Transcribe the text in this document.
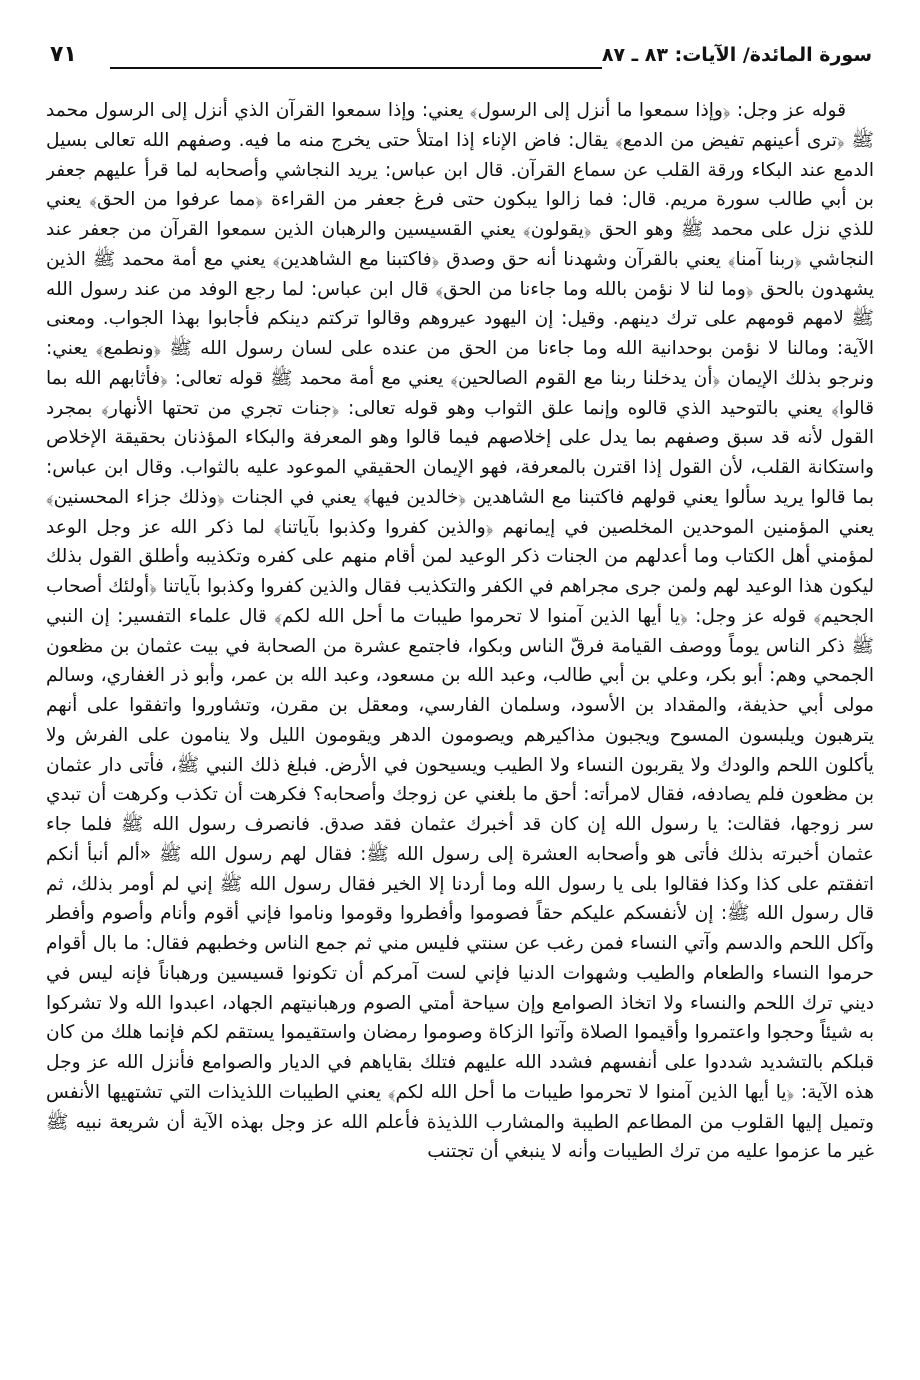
سورة المائدة/ الآيات: ٨٣ ـ ٨٧
٧١

قوله عز وجل: ﴿وإذا سمعوا ما أنزل إلى الرسول﴾ يعني: وإذا سمعوا القرآن الذي أنزل إلى الرسول محمد ﷺ ﴿ترى أعينهم تفيض من الدمع﴾ يقال: فاض الإناء إذا امتلأ حتى يخرج منه ما فيه. وصفهم الله تعالى بسيل الدمع عند البكاء ورقة القلب عن سماع القرآن. قال ابن عباس: يريد النجاشي وأصحابه لما قرأ عليهم جعفر بن أبي طالب سورة مريم. قال: فما زالوا يبكون حتى فرغ جعفر من القراءة ﴿مما عرفوا من الحق﴾ يعني للذي نزل على محمد ﷺ وهو الحق ﴿يقولون﴾ يعني القسيسين والرهبان الذين سمعوا القرآن من جعفر عند النجاشي ﴿ربنا آمنا﴾ يعني بالقرآن وشهدنا أنه حق وصدق ﴿فاكتبنا مع الشاهدين﴾ يعني مع أمة محمد ﷺ الذين يشهدون بالحق ﴿وما لنا لا نؤمن بالله وما جاءنا من الحق﴾ قال ابن عباس: لما رجع الوفد من عند رسول الله ﷺ لامهم قومهم على ترك دينهم. وقيل: إن اليهود عيروهم وقالوا تركتم دينكم فأجابوا بهذا الجواب. ومعنى الآية: ومالنا لا نؤمن بوحدانية الله وما جاءنا من الحق من عنده على لسان رسول الله ﷺ ﴿ونطمع﴾ يعني: ونرجو بذلك الإيمان ﴿أن يدخلنا ربنا مع القوم الصالحين﴾ يعني مع أمة محمد ﷺ قوله تعالى: ﴿فأثابهم الله بما قالوا﴾ يعني بالتوحيد الذي قالوه وإنما علق الثواب وهو قوله تعالى: ﴿جنات تجري من تحتها الأنهار﴾ بمجرد القول لأنه قد سبق وصفهم بما يدل على إخلاصهم فيما قالوا وهو المعرفة والبكاء المؤذنان بحقيقة الإخلاص واستكانة القلب، لأن القول إذا اقترن بالمعرفة، فهو الإيمان الحقيقي الموعود عليه بالثواب. وقال ابن عباس: بما قالوا يريد سألوا يعني قولهم فاكتبنا مع الشاهدين ﴿خالدين فيها﴾ يعني في الجنات ﴿وذلك جزاء المحسنين﴾ يعني المؤمنين الموحدين المخلصين في إيمانهم ﴿والذين كفروا وكذبوا بآياتنا﴾ لما ذكر الله عز وجل الوعد لمؤمني أهل الكتاب وما أعدلهم من الجنات ذكر الوعيد لمن أقام منهم على كفره وتكذيبه وأطلق القول بذلك ليكون هذا الوعيد لهم ولمن جرى مجراهم في الكفر والتكذيب فقال والذين كفروا وكذبوا بآياتنا ﴿أولئك أصحاب الجحيم﴾ قوله عز وجل: ﴿يا أيها الذين آمنوا لا تحرموا طيبات ما أحل الله لكم﴾ قال علماء التفسير: إن النبي ﷺ ذكر الناس يوماً ووصف القيامة فرقّ الناس وبكوا، فاجتمع عشرة من الصحابة في بيت عثمان بن مظعون الجمحي وهم: أبو بكر، وعلي بن أبي طالب، وعبد الله بن مسعود، وعبد الله بن عمر، وأبو ذر الغفاري، وسالم مولى أبي حذيفة، والمقداد بن الأسود، وسلمان الفارسي، ومعقل بن مقرن، وتشاوروا واتفقوا على أنهم يترهبون ويلبسون المسوح ويجبون مذاكيرهم ويصومون الدهر ويقومون الليل ولا ينامون على الفرش ولا يأكلون اللحم والودك ولا يقربون النساء ولا الطيب ويسيحون في الأرض. فبلغ ذلك النبي ﷺ، فأتى دار عثمان بن مظعون فلم يصادفه، فقال لامرأته: أحق ما بلغني عن زوجك وأصحابه؟ فكرهت أن تكذب وكرهت أن تبدي سر زوجها، فقالت: يا رسول الله إن كان قد أخبرك عثمان فقد صدق. فانصرف رسول الله ﷺ فلما جاء عثمان أخبرته بذلك فأتى هو وأصحابه العشرة إلى رسول الله ﷺ: فقال لهم رسول الله ﷺ «ألم أنبأ أنكم اتفقتم على كذا وكذا فقالوا بلى يا رسول الله وما أردنا إلا الخير فقال رسول الله ﷺ إني لم أومر بذلك، ثم قال رسول الله ﷺ: إن لأنفسكم عليكم حقاً فصوموا وأفطروا وقوموا وناموا فإني أقوم وأنام وأصوم وأفطر وآكل اللحم والدسم وآتي النساء فمن رغب عن سنتي فليس مني ثم جمع الناس وخطبهم فقال: ما بال أقوام حرموا النساء والطعام والطيب وشهوات الدنيا فإني لست آمركم أن تكونوا قسيسين ورهباناً فإنه ليس في ديني ترك اللحم والنساء ولا اتخاذ الصوامع وإن سياحة أمتي الصوم ورهبانيتهم الجهاد، اعبدوا الله ولا تشركوا به شيئاً وحجوا واعتمروا وأقيموا الصلاة وآتوا الزكاة وصوموا رمضان واستقيموا يستقم لكم فإنما هلك من كان قبلكم بالتشديد شددوا على أنفسهم فشدد الله عليهم فتلك بقاياهم في الديار والصوامع فأنزل الله عز وجل هذه الآية: ﴿يا أيها الذين آمنوا لا تحرموا طيبات ما أحل الله لكم﴾ يعني الطيبات اللذيذات التي تشتهيها الأنفس وتميل إليها القلوب من المطاعم الطيبة والمشارب اللذيذة فأعلم الله عز وجل بهذه الآية أن شريعة نبيه ﷺ غير ما عزموا عليه من ترك الطيبات وأنه لا ينبغي أن تجتنب
